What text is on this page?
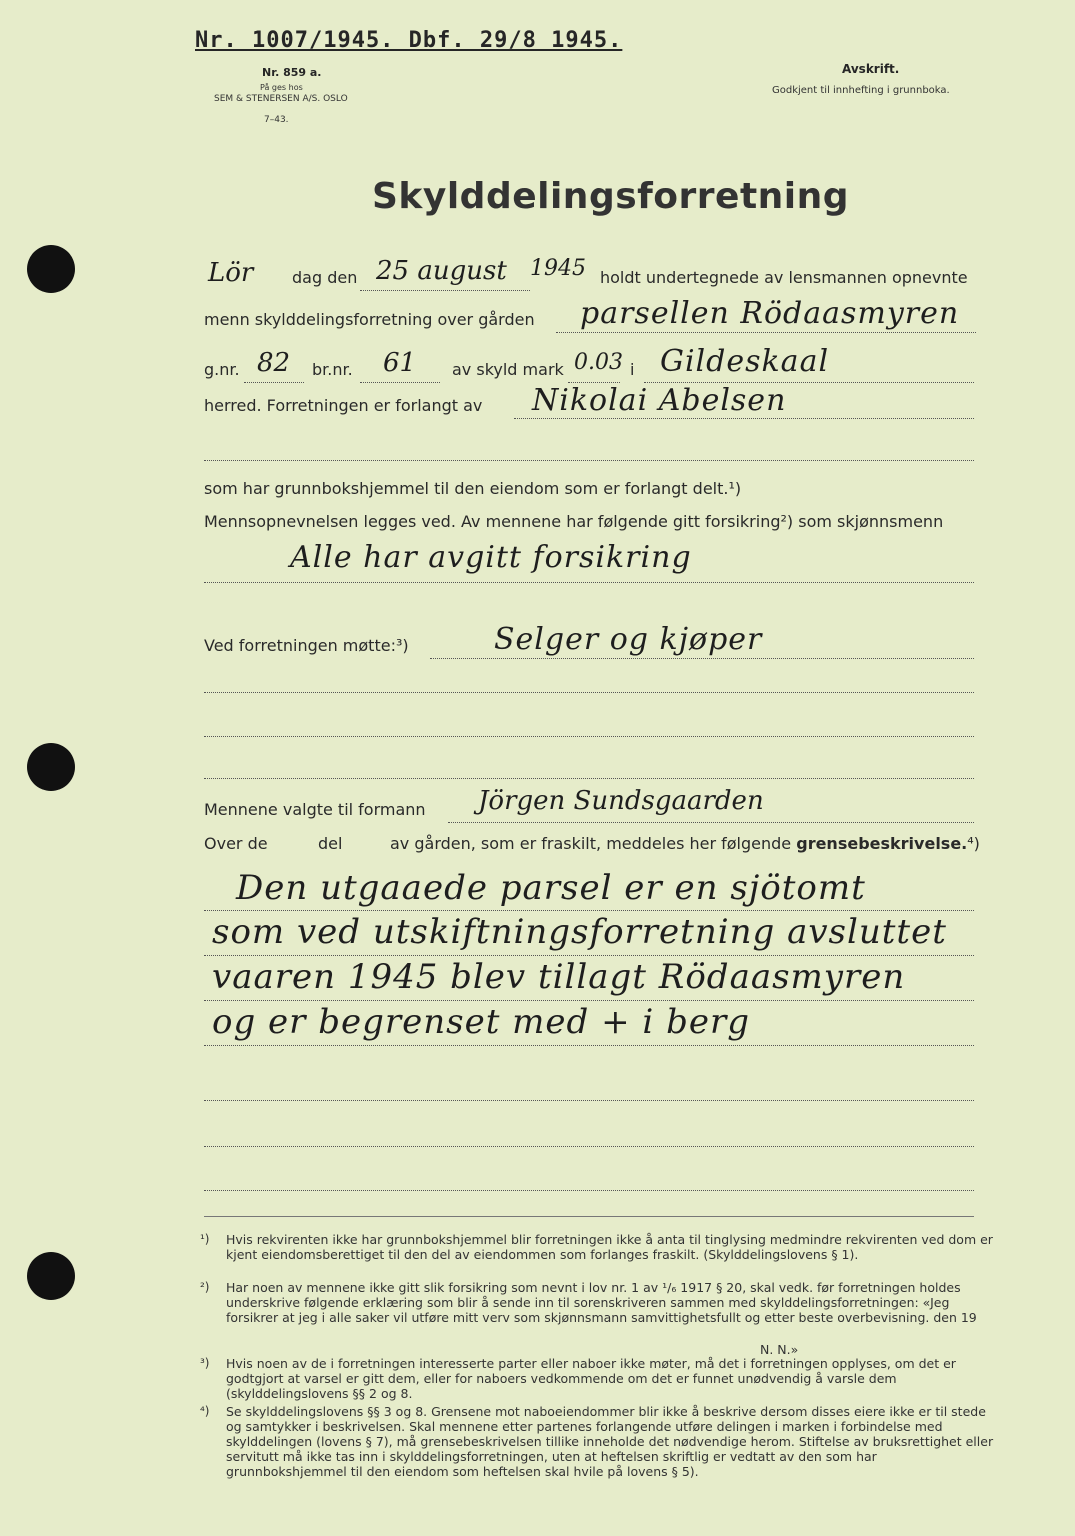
Nr. 1007/1945. Dbf. 29/8 1945.
Nr. 859 a.
På ges hos
SEM & STENERSEN A/S. OSLO
7–43.
Avskrift.
Godkjent til innhefting i grunnboka.
Skylddelingsforretning
Lör dag den 25 august 1945 holdt undertegnede av lensmannen opnevnte
menn skylddelingsforretning over gården parsellen Rödaasmyren
g.nr. 82 br.nr. 61 av skyld mark 0.03 i Gildeskaal
herred. Forretningen er forlangt av Nikolai Abelsen
som har grunnbokshjemmel til den eiendom som er forlangt delt.¹)
Mennsopnevnelsen legges ved. Av mennene har følgende gitt forsikring²) som skjønnsmenn
Alle har avgitt forsikring
Ved forretningen møtte:³)	Selger og kjøper
Mennene valgte til formann Jörgen Sundsgaarden
Over de	del	av gården, som er fraskilt, meddeles her følgende grensebeskrivelse.⁴)
Den utgaaede parsel er en sjötomt
som ved utskiftningsforretning avsluttet
vaaren 1945 blev tillagt Rödaasmyren
og er begrenset med + i berg
¹)	Hvis rekvirenten ikke har grunnbokshjemmel blir forretningen ikke å anta til tinglysing medmindre rekvirenten ved dom er kjent eiendomsberettiget til den del av eiendommen som forlanges fraskilt. (Skylddelingslovens § 1).
²)	Har noen av mennene ikke gitt slik forsikring som nevnt i lov nr. 1 av ¹/₆ 1917 § 20, skal vedk. før forretningen holdes underskrive følgende erklæring som blir å sende inn til sorenskriveren sammen med skylddelingsforretningen: «Jeg forsikrer at jeg i alle saker vil utføre mitt verv som skjønnsmann samvittighetsfullt og etter beste overbevisning. den 19
N. N.»
³)	Hvis noen av de i forretningen interesserte parter eller naboer ikke møter, må det i forretningen opplyses, om det er godtgjort at varsel er gitt dem, eller for naboers vedkommende om det er funnet unødvendig å varsle dem (skylddelingslovens §§ 2 og 8.
⁴)	Se skylddelingslovens §§ 3 og 8. Grensene mot naboeiendommer blir ikke å beskrive dersom disses eiere ikke er til stede og samtykker i beskrivelsen. Skal mennene etter partenes forlangende utføre delingen i marken i forbindelse med skylddelingen (lovens § 7), må grensebeskrivelsen tillike inneholde det nødvendige herom. Stiftelse av bruksrettighet eller servitutt må ikke tas inn i skylddelingsforretningen, uten at heftelsen skriftlig er vedtatt av den som har grunnbokshjemmel til den eiendom som heftelsen skal hvile på lovens § 5).
